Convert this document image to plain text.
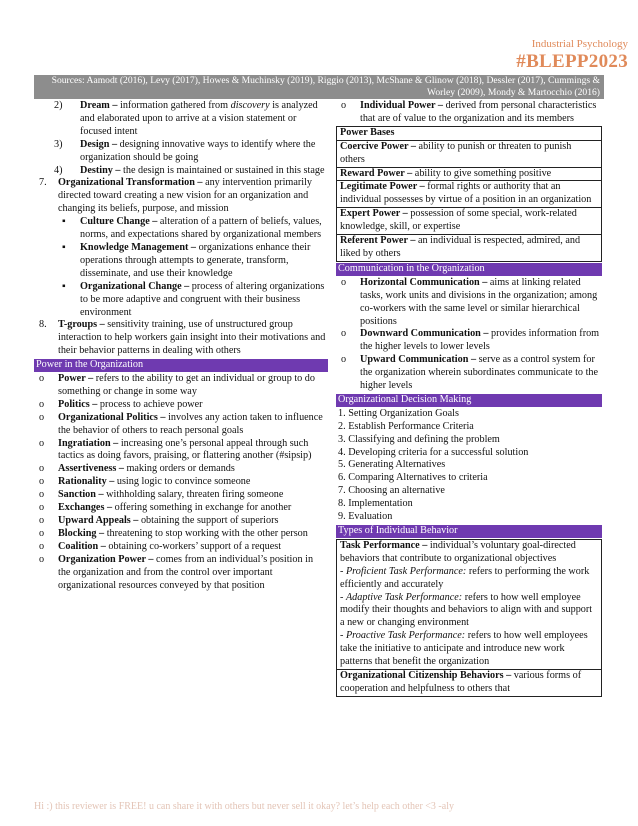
Industrial Psychology
#BLEPP2023
Sources: Aamodt (2016), Levy (2017), Howes & Muchinsky (2019), Riggio (2013), McShane & Glinow (2018), Dessler (2017), Cummings & Worley (2009), Mondy & Martocchio (2016)
2) Dream – information gathered from discovery is analyzed and elaborated upon to arrive at a vision statement or focused intent
3) Design – designing innovative ways to identify where the organization should be going
4) Destiny – the design is maintained or sustained in this stage
7. Organizational Transformation – any intervention primarily directed toward creating a new vision for an organization and changing its beliefs, purpose, and mission
▪ Culture Change – alteration of a pattern of beliefs, values, norms, and expectations shared by organizational members
▪ Knowledge Management – organizations enhance their operations through attempts to generate, transform, disseminate, and use their knowledge
▪ Organizational Change – process of altering organizations to be more adaptive and congruent with their business environment
8. T-groups – sensitivity training, use of unstructured group interaction to help workers gain insight into their motivations and their behavior patterns in dealing with others
Power in the Organization
o Power – refers to the ability to get an individual or group to do something or change in some way
o Politics – process to achieve power
o Organizational Politics – involves any action taken to influence the behavior of others to reach personal goals
o Ingratiation – increasing one’s personal appeal through such tactics as doing favors, praising, or flattering another (#sipsip)
o Assertiveness – making orders or demands
o Rationality – using logic to convince someone
o Sanction – withholding salary, threaten firing someone
o Exchanges – offering something in exchange for another
o Upward Appeals – obtaining the support of superiors
o Blocking – threatening to stop working with the other person
o Coalition – obtaining co-workers’ support of a request
o Organization Power – comes from an individual’s position in the organization and from the control over important organizational resources conveyed by that position
o Individual Power – derived from personal characteristics that are of value to the organization and its members
Power Bases
Coercive Power – ability to punish or threaten to punish others
Reward Power – ability to give something positive
Legitimate Power – formal rights or authority that an individual possesses by virtue of a position in an organization
Expert Power – possession of some special, work-related knowledge, skill, or expertise
Referent Power – an individual is respected, admired, and liked by others
Communication in the Organization
o Horizontal Communication – aims at linking related tasks, work units and divisions in the organization; among co-workers with the same level or similar hierarchical positions
o Downward Communication – provides information from the higher levels to lower levels
o Upward Communication – serve as a control system for the organization wherein subordinates communicate to the higher levels
Organizational Decision Making
1. Setting Organization Goals
2. Establish Performance Criteria
3. Classifying and defining the problem
4. Developing criteria for a successful solution
5. Generating Alternatives
6. Comparing Alternatives to criteria
7. Choosing an alternative
8. Implementation
9. Evaluation
Types of Individual Behavior
Task Performance – individual’s voluntary goal-directed behaviors that contribute to organizational objectives
- Proficient Task Performance: refers to performing the work efficiently and accurately
- Adaptive Task Performance: refers to how well employee modify their thoughts and behaviors to align with and support a new or changing environment
- Proactive Task Performance: refers to how well employees take the initiative to anticipate and introduce new work patterns that benefit the organization
Organizational Citizenship Behaviors – various forms of cooperation and helpfulness to others that
Hi :) this reviewer is FREE! u can share it with others but never sell it okay? let’s help each other <3 -aly
